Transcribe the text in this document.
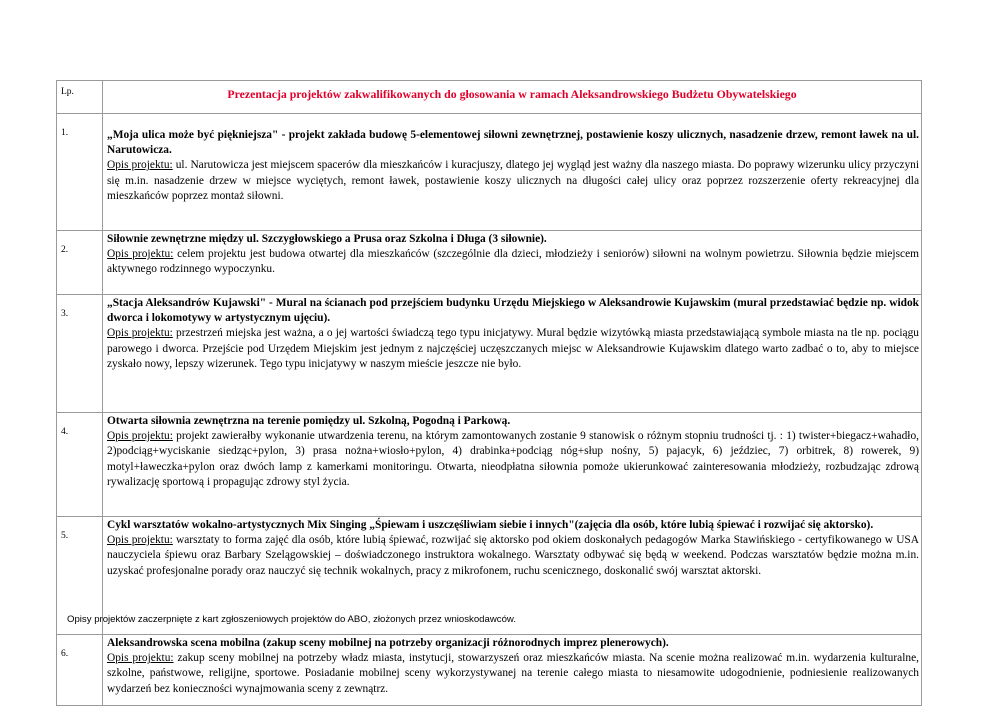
Lp.	Prezentacja projektów zakwalifikowanych do głosowania w ramach Aleksandrowskiego Budżetu Obywatelskiego
1.	„Moja ulica może być piękniejsza" - projekt zakłada budowę 5-elementowej siłowni zewnętrznej, postawienie koszy ulicznych, nasadzenie drzew, remont ławek na ul. Narutowicza.
Opis projektu: ul. Narutowicza jest miejscem spacerów dla mieszkańców i kuracjuszy, dlatego jej wygląd jest ważny dla naszego miasta. Do poprawy wizerunku ulicy przyczyni się m.in. nasadzenie drzew w miejsce wyciętych, remont ławek, postawienie koszy ulicznych na długości całej ulicy oraz poprzez rozszerzenie oferty rekreacyjnej dla mieszkańców poprzez montaż siłowni.
2.	Siłownie zewnętrzne między ul. Szczygłowskiego a Prusa oraz Szkolna i Długa (3 siłownie).
Opis projektu: celem projektu jest budowa otwartej dla mieszkańców (szczególnie dla dzieci, młodzieży i seniorów) siłowni na wolnym powietrzu. Siłownia będzie miejscem aktywnego rodzinnego wypoczynku.
3.	„Stacja Aleksandrów Kujawski" - Mural na ścianach pod przejściem budynku Urzędu Miejskiego w Aleksandrowie Kujawskim (mural przedstawiać będzie np. widok dworca i lokomotywy w artystycznym ujęciu).
Opis projektu: przestrzeń miejska jest ważna, a o jej wartości świadczą tego typu inicjatywy. Mural będzie wizytówką miasta przedstawiającą symbole miasta na tle np. pociągu parowego i dworca. Przejście pod Urzędem Miejskim jest jednym z najczęściej uczęszczanych miejsc w Aleksandrowie Kujawskim dlatego warto zadbać o to, aby to miejsce zyskało nowy, lepszy wizerunek. Tego typu inicjatywy w naszym mieście jeszcze nie było.
4.	Otwarta siłownia zewnętrzna na terenie pomiędzy ul. Szkolną, Pogodną i Parkową.
Opis projektu: projekt zawierałby wykonanie utwardzenia terenu, na którym zamontowanych zostanie 9 stanowisk o różnym stopniu trudności tj. : 1) twister+biegacz+wahadło, 2)podciąg+wyciskanie siedząc+pylon, 3) prasa nożna+wiosło+pylon, 4) drabinka+podciąg nóg+słup nośny, 5) pajacyk, 6) jeździec, 7) orbitrek, 8) rowerek, 9) motyl+ławeczka+pylon oraz dwóch lamp z kamerkami monitoringu. Otwarta, nieodpłatna siłownia pomoże ukierunkować zainteresowania młodzieży, rozbudzając zdrową rywalizację sportową i propagując zdrowy styl życia.
5.	Cykl warsztatów wokalno-artystycznych Mix Singing „Śpiewam i uszczęśliwiam siebie i innych"(zajęcia dla osób, które lubią śpiewać i rozwijać się aktorsko).
Opis projektu: warsztaty to forma zajęć dla osób, które lubią śpiewać, rozwijać się aktorsko pod okiem doskonałych pedagogów Marka Stawińskiego - certyfikowanego w USA nauczyciela śpiewu oraz Barbary Szelągowskiej – doświadczonego instruktora wokalnego. Warsztaty odbywać się będą w weekend. Podczas warsztatów będzie można m.in. uzyskać profesjonalne porady oraz nauczyć się technik wokalnych, pracy z mikrofonem, ruchu scenicznego, doskonalić swój warsztat aktorski.
6.	Aleksandrowska scena mobilna (zakup sceny mobilnej na potrzeby organizacji różnorodnych imprez plenerowych).
Opis projektu: zakup sceny mobilnej na potrzeby władz miasta, instytucji, stowarzyszeń oraz mieszkańców miasta. Na scenie można realizować m.in. wydarzenia kulturalne, szkolne, państwowe, religijne, sportowe. Posiadanie mobilnej sceny wykorzystywanej na terenie całego miasta to niesamowite udogodnienie, podniesienie realizowanych wydarzeń bez konieczności wynajmowania sceny z zewnątrz.
Opisy projektów zaczerpnięte z kart zgłoszeniowych projektów do ABO, złożonych przez wnioskodawców.
